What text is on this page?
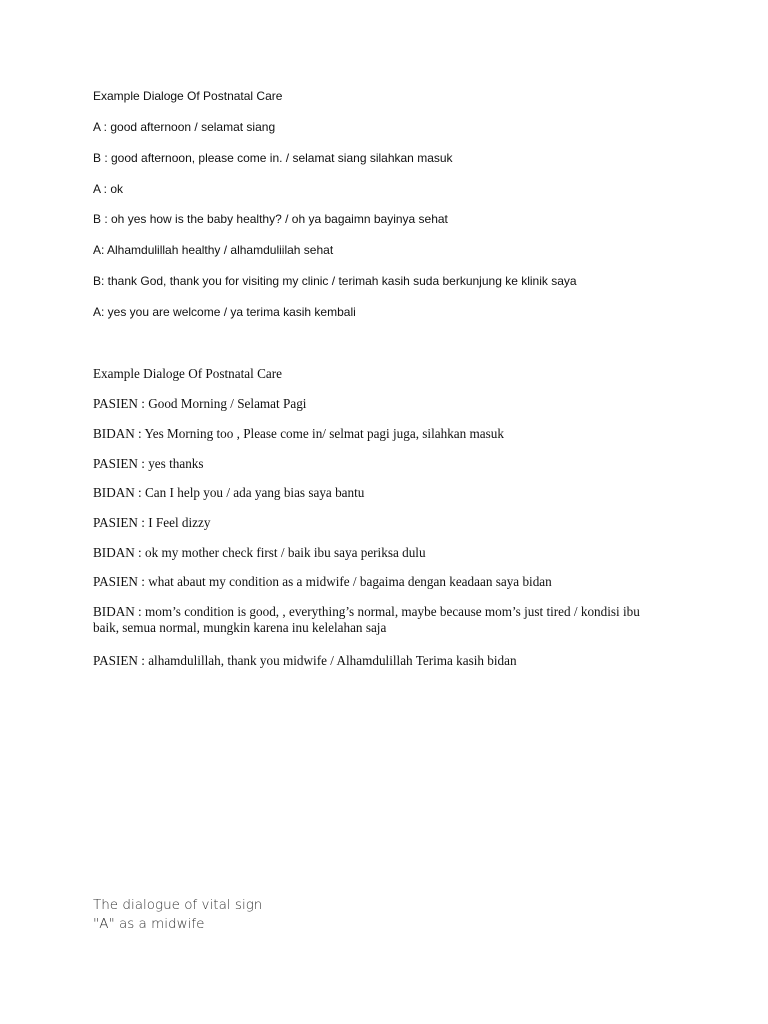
Example Dialoge Of Postnatal Care
A : good afternoon / selamat siang
B : good afternoon, please come in. / selamat siang silahkan masuk
A : ok
B : oh yes how is the baby healthy? / oh ya bagaimn bayinya sehat
A: Alhamdulillah healthy / alhamduliilah sehat
B: thank God, thank you for visiting my clinic / terimah kasih suda berkunjung ke klinik saya
A: yes you are welcome / ya terima kasih kembali
Example Dialoge Of Postnatal Care
PASIEN : Good Morning / Selamat Pagi
BIDAN : Yes Morning too , Please come in/ selmat pagi juga, silahkan masuk
PASIEN : yes thanks
BIDAN : Can I help you / ada yang bias saya bantu
PASIEN : I Feel dizzy
BIDAN : ok my mother check first / baik ibu saya periksa dulu
PASIEN : what abaut my condition as a midwife / bagaima dengan keadaan saya bidan

BIDAN : mom’s condition is good, , everything’s normal, maybe because mom’s just tired / kondisi ibu baik, semua normal, mungkin karena inu kelelahan saja

PASIEN : alhamdulillah, thank you midwife / Alhamdulillah Terima kasih bidan
The dialogue of vital sign
"A" as a midwife
